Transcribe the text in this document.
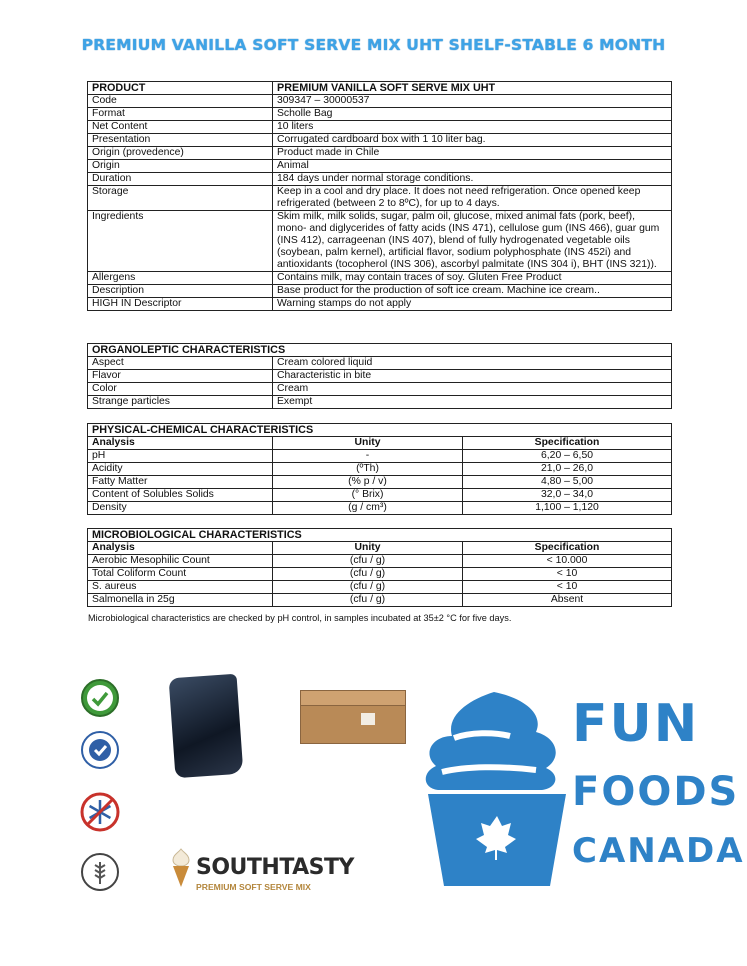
PREMIUM VANILLA SOFT SERVE MIX UHT SHELF-STABLE 6 MONTH
PRODUCT	PREMIUM VANILLA SOFT SERVE MIX UHT
Code	309347 – 30000537
Format	Scholle Bag
Net Content	10 liters
Presentation	Corrugated cardboard box with 1 10 liter bag.
Origin (provedence)	Product made in Chile
Origin	Animal
Duration	184 days under normal storage conditions.
Storage	Keep in a cool and dry place. It does not need refrigeration. Once opened keep refrigerated (between 2 to 8ºC), for up to 4 days.
Ingredients	Skim milk, milk solids, sugar, palm oil, glucose, mixed animal fats (pork, beef), mono- and diglycerides of fatty acids (INS 471), cellulose gum (INS 466), guar gum (INS 412), carrageenan (INS 407), blend of fully hydrogenated vegetable oils (soybean, palm kernel), artificial flavor, sodium polyphosphate (INS 452i) and antioxidants (tocopherol (INS 306), ascorbyl palmitate (INS 304 i), BHT (INS 321)).
Allergens	Contains milk, may contain traces of soy. Gluten Free Product
Description	Base product for the production of soft ice cream. Machine ice cream..
HIGH IN Descriptor	Warning stamps do not apply
ORGANOLEPTIC CHARACTERISTICS	
Aspect	Cream colored liquid
Flavor	Characteristic in bite
Color	Cream
Strange particles	Exempt
PHYSICAL-CHEMICAL CHARACTERISTICS		
Analysis	Unity	Specification
pH	-	6,20 – 6,50
Acidity	(ºTh)	21,0 – 26,0
Fatty Matter	(% p / v)	4,80 – 5,00
Content of Solubles Solids	(° Brix)	32,0 – 34,0
Density	(g / cm³)	1,100 – 1,120
MICROBIOLOGICAL CHARACTERISTICS		
Analysis	Unity	Specification
Aerobic Mesophilic Count	(cfu / g)	< 10.000
Total Coliform Count	(cfu / g)	< 10
S. aureus	(cfu / g)	< 10
Salmonella in 25g	(cfu / g)	Absent
Microbiological characteristics are checked by pH control, in samples incubated at 35±2 °C for five days.
SOUTHTASTY
PREMIUM SOFT SERVE MIX
FUN
FOODS
CANADA
